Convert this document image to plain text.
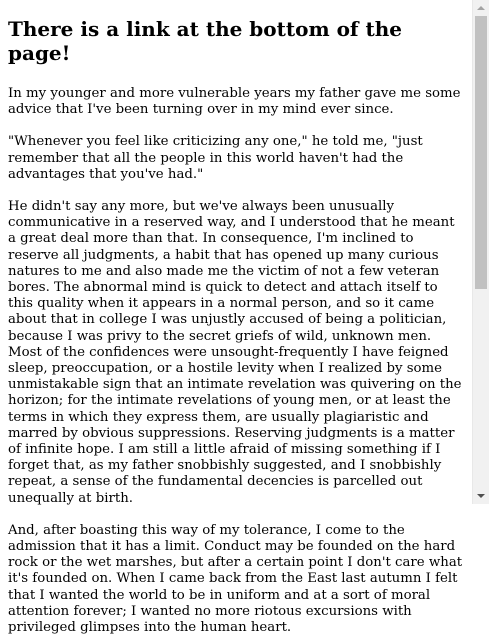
There is a link at the bottom of the page!

In my younger and more vulnerable years my father gave me some advice that I've been turning over in my mind ever since.

"Whenever you feel like criticizing any one," he told me, "just remember that all the people in this world haven't had the advantages that you've had."

He didn't say any more, but we've always been unusually communicative in a reserved way, and I understood that he meant a great deal more than that. In consequence, I'm inclined to reserve all judgments, a habit that has opened up many curious natures to me and also made me the victim of not a few veteran bores. The abnormal mind is quick to detect and attach itself to this quality when it appears in a normal person, and so it came about that in college I was unjustly accused of being a politician, because I was privy to the secret griefs of wild, unknown men. Most of the confidences were unsought-frequently I have feigned sleep, preoccupation, or a hostile levity when I realized by some unmistakable sign that an intimate revelation was quivering on the horizon; for the intimate revelations of young men, or at least the terms in which they express them, are usually plagiaristic and marred by obvious suppressions. Reserving judgments is a matter of infinite hope. I am still a little afraid of missing something if I forget that, as my father snobbishly suggested, and I snobbishly repeat, a sense of the fundamental decencies is parcelled out unequally at birth.

And, after boasting this way of my tolerance, I come to the admission that it has a limit. Conduct may be founded on the hard rock or the wet marshes, but after a certain point I don't care what it's founded on. When I came back from the East last autumn I felt that I wanted the world to be in uniform and at a sort of moral attention forever; I wanted no more riotous excursions with privileged glimpses into the human heart.
